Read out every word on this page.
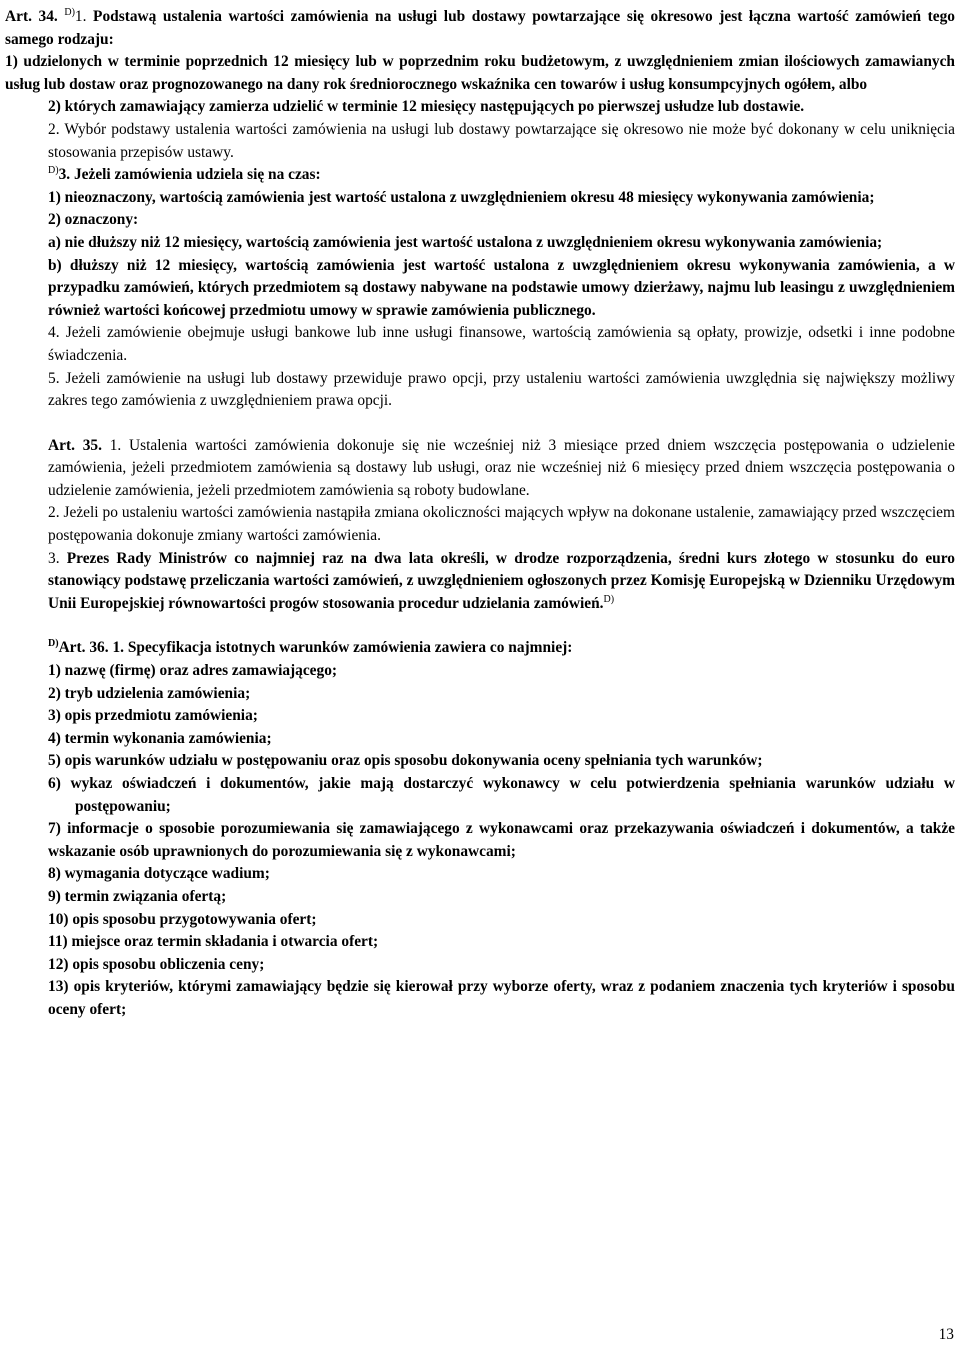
Art. 34. $^{D)}$1. Podstawą ustalenia wartości zamówienia na usługi lub dostawy powtarzające się okresowo jest łączna wartość zamówień tego samego rodzaju:

1) udzielonych w terminie poprzednich 12 miesięcy lub w poprzednim roku budżetowym, z uwzględnieniem zmian ilościowych zamawianych usług lub dostaw oraz prognozowanego na dany rok średniorocznego wskaźnika cen towarów i usług konsumpcyjnych ogółem, albo

2) których zamawiający zamierza udzielić w terminie 12 miesięcy następujących po pierwszej usłudze lub dostawie.

2. Wybór podstawy ustalenia wartości zamówienia na usługi lub dostawy powtarzające się okresowo nie może być dokonany w celu uniknięcia stosowania przepisów ustawy.

$^{D)}$3. Jeżeli zamówienia udziela się na czas:

1) nieoznaczony, wartością zamówienia jest wartość ustalona z uwzględnieniem okresu 48 miesięcy wykonywania zamówienia;

2) oznaczony:

a) nie dłuższy niż 12 miesięcy, wartością zamówienia jest wartość ustalona z uwzględnieniem okresu wykonywania zamówienia;

b) dłuższy niż 12 miesięcy, wartością zamówienia jest wartość ustalona z uwzględnieniem okresu wykonywania zamówienia, a w przypadku zamówień, których przedmiotem są dostawy nabywane na podstawie umowy dzierżawy, najmu lub leasingu z uwzględnieniem również wartości końcowej przedmiotu umowy w sprawie zamówienia publicznego.

4. Jeżeli zamówienie obejmuje usługi bankowe lub inne usługi finansowe, wartością zamówienia są opłaty, prowizje, odsetki i inne podobne świadczenia.

5. Jeżeli zamówienie na usługi lub dostawy przewiduje prawo opcji, przy ustaleniu wartości zamówienia uwzględnia się największy możliwy zakres tego zamówienia z uwzględnieniem prawa opcji.

Art. 35. 1. Ustalenia wartości zamówienia dokonuje się nie wcześniej niż 3 miesiące przed dniem wszczęcia postępowania o udzielenie zamówienia, jeżeli przedmiotem zamówienia są dostawy lub usługi, oraz nie wcześniej niż 6 miesięcy przed dniem wszczęcia postępowania o udzielenie zamówienia, jeżeli przedmiotem zamówienia są roboty budowlane.

2. Jeżeli po ustaleniu wartości zamówienia nastąpiła zmiana okoliczności mających wpływ na dokonane ustalenie, zamawiający przed wszczęciem postępowania dokonuje zmiany wartości zamówienia.

3. Prezes Rady Ministrów co najmniej raz na dwa lata określi, w drodze rozporządzenia, średni kurs złotego w stosunku do euro stanowiący podstawę przeliczania wartości zamówień, z uwzględnieniem ogłoszonych przez Komisję Europejską w Dzienniku Urzędowym Unii Europejskiej równowartości progów stosowania procedur udzielania zamówień.$^{D)}$

$^{D)}$Art. 36. 1. Specyfikacja istotnych warunków zamówienia zawiera co najmniej:

1) nazwę (firmę) oraz adres zamawiającego;

2) tryb udzielenia zamówienia;

3) opis przedmiotu zamówienia;

4) termin wykonania zamówienia;

5) opis warunków udziału w postępowaniu oraz opis sposobu dokonywania oceny spełniania tych warunków;

6) wykaz oświadczeń i dokumentów, jakie mają dostarczyć wykonawcy w celu potwierdzenia spełniania warunków udziału w postępowaniu;

7) informacje o sposobie porozumiewania się zamawiającego z wykonawcami oraz przekazywania oświadczeń i dokumentów, a także wskazanie osób uprawnionych do porozumiewania się z wykonawcami;

8) wymagania dotyczące wadium;

9) termin związania ofertą;

10) opis sposobu przygotowywania ofert;

11) miejsce oraz termin składania i otwarcia ofert;

12) opis sposobu obliczenia ceny;

13) opis kryteriów, którymi zamawiający będzie się kierował przy wyborze oferty, wraz z podaniem znaczenia tych kryteriów i sposobu oceny ofert;

13
